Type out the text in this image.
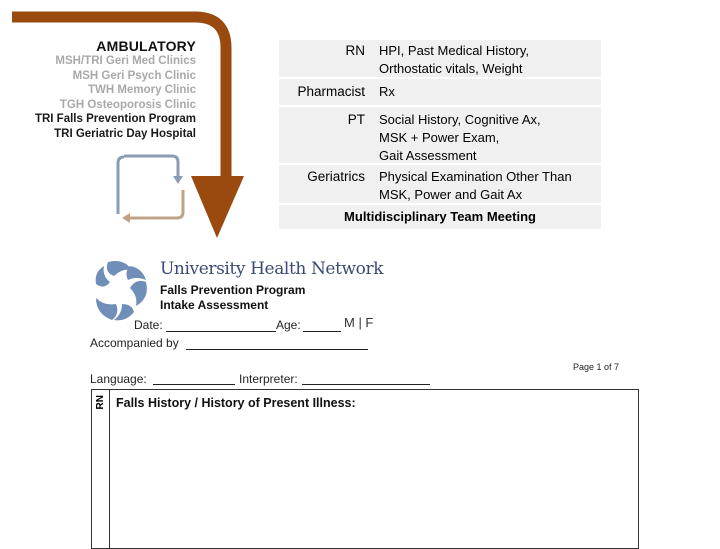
AMBULATORY
MSH/TRI Geri Med Clinics
MSH Geri Psych Clinic
TWH Memory Clinic
TGH Osteoporosis Clinic
TRI Falls Prevention Program
TRI Geriatric Day Hospital
RN	HPI, Past Medical History,
Orthostatic vitals, Weight
Pharmacist	Rx
PT	Social History, Cognitive Ax,
MSK + Power Exam,
Gait Assessment
Geriatrics	Physical Examination Other Than
MSK, Power and Gait Ax
Multidisciplinary Team Meeting
University Health Network
Falls Prevention Program
Intake Assessment
Date:	Age:	M | F
Accompanied by
Page 1 of 7
Language:	Interpreter:
RN Falls History / History of Present Illness:
